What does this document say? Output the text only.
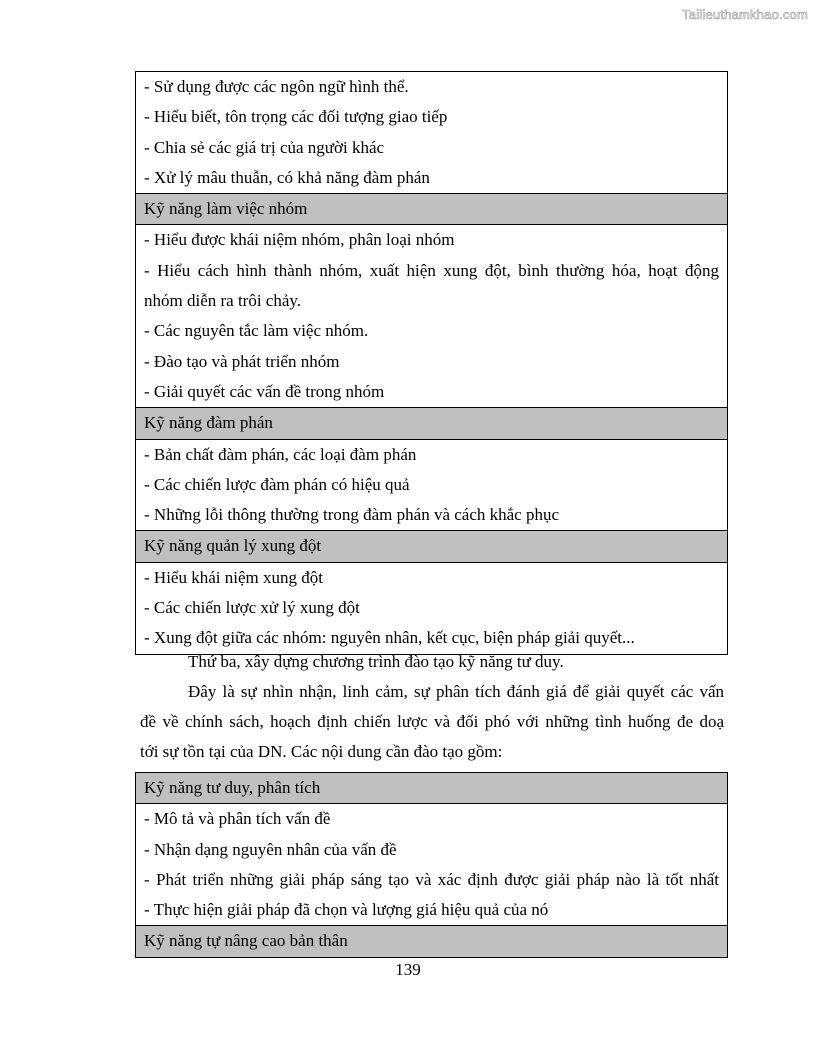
Tailieuthamkhao.com
- Sử dụng được các ngôn ngữ hình thể.
- Hiểu biết, tôn trọng các đối tượng giao tiếp
- Chia sẻ các giá trị của người khác
- Xử lý mâu thuẫn, có khả năng đàm phán
Kỹ năng làm việc nhóm
- Hiểu được khái niệm nhóm, phân loại nhóm
- Hiểu cách hình thành nhóm, xuất hiện xung đột, bình thường hóa, hoạt động
nhóm diễn ra trôi chảy.
- Các nguyên tắc làm việc nhóm.
- Đào tạo và phát triển nhóm
- Giải quyết các vấn đề trong nhóm
Kỹ năng đàm phán
- Bản chất đàm phán, các loại đàm phán
- Các chiến lược đàm phán có hiệu quả
- Những lỗi thông thường trong đàm phán và cách khắc phục
Kỹ năng quản lý xung đột
- Hiểu khái niệm xung đột
- Các chiến lược xử lý xung đột
- Xung đột giữa các nhóm: nguyên nhân, kết cục, biện pháp giải quyết...
Thứ ba, xây dựng chương trình đào tạo kỹ năng tư duy.
Đây là sự nhìn nhận, linh cảm, sự phân tích đánh giá để giải quyết các vấn
đề về chính sách, hoạch định chiến lược và đối phó với những tình huống đe doạ
tới sự tồn tại của DN. Các nội dung cần đào tạo gồm:
Kỹ năng tư duy, phân tích
- Mô tả và phân tích vấn đề
- Nhận dạng nguyên nhân của vấn đề
- Phát triển những giải pháp sáng tạo và xác định được giải pháp nào là tốt nhất
- Thực hiện giải pháp đã chọn và lượng giá hiệu quả của nó
Kỹ năng tự nâng cao bản thân
139
